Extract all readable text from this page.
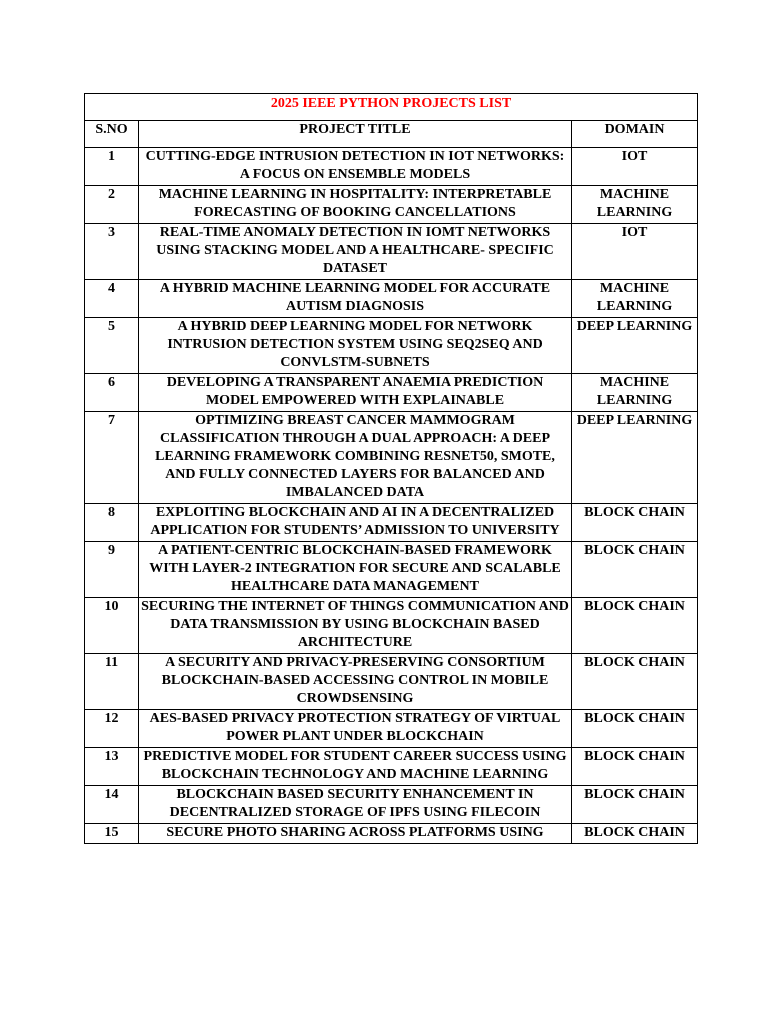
2025 IEEE PYTHON PROJECTS LIST		
S.NO	PROJECT TITLE	DOMAIN
1	CUTTING-EDGE INTRUSION DETECTION IN IOT NETWORKS: A FOCUS ON ENSEMBLE MODELS	IOT
2	MACHINE LEARNING IN HOSPITALITY: INTERPRETABLE FORECASTING OF BOOKING CANCELLATIONS	MACHINE LEARNING
3	REAL-TIME ANOMALY DETECTION IN IOMT NETWORKS USING STACKING MODEL AND A HEALTHCARE- SPECIFIC DATASET	IOT
4	A HYBRID MACHINE LEARNING MODEL FOR ACCURATE AUTISM DIAGNOSIS	MACHINE LEARNING
5	A HYBRID DEEP LEARNING MODEL FOR NETWORK INTRUSION DETECTION SYSTEM USING SEQ2SEQ AND CONVLSTM-SUBNETS	DEEP LEARNING
6	DEVELOPING A TRANSPARENT ANAEMIA PREDICTION MODEL EMPOWERED WITH EXPLAINABLE	MACHINE LEARNING
7	OPTIMIZING BREAST CANCER MAMMOGRAM CLASSIFICATION THROUGH A DUAL APPROACH: A DEEP LEARNING FRAMEWORK COMBINING RESNET50, SMOTE, AND FULLY CONNECTED LAYERS FOR BALANCED AND IMBALANCED DATA	DEEP LEARNING
8	EXPLOITING BLOCKCHAIN AND AI IN A DECENTRALIZED APPLICATION FOR STUDENTS’ ADMISSION TO UNIVERSITY	BLOCK CHAIN
9	A PATIENT-CENTRIC BLOCKCHAIN-BASED FRAMEWORK WITH LAYER-2 INTEGRATION FOR SECURE AND SCALABLE HEALTHCARE DATA MANAGEMENT	BLOCK CHAIN
10	SECURING THE INTERNET OF THINGS COMMUNICATION AND DATA TRANSMISSION BY USING BLOCKCHAIN BASED ARCHITECTURE	BLOCK CHAIN
11	A SECURITY AND PRIVACY-PRESERVING CONSORTIUM BLOCKCHAIN-BASED ACCESSING CONTROL IN MOBILE CROWDSENSING	BLOCK CHAIN
12	AES-BASED PRIVACY PROTECTION STRATEGY OF VIRTUAL POWER PLANT UNDER BLOCKCHAIN	BLOCK CHAIN
13	PREDICTIVE MODEL FOR STUDENT CAREER SUCCESS USING BLOCKCHAIN TECHNOLOGY AND MACHINE LEARNING	BLOCK CHAIN
14	BLOCKCHAIN BASED SECURITY ENHANCEMENT IN DECENTRALIZED STORAGE OF IPFS USING FILECOIN	BLOCK CHAIN
15	SECURE PHOTO SHARING ACROSS PLATFORMS USING	BLOCK CHAIN
